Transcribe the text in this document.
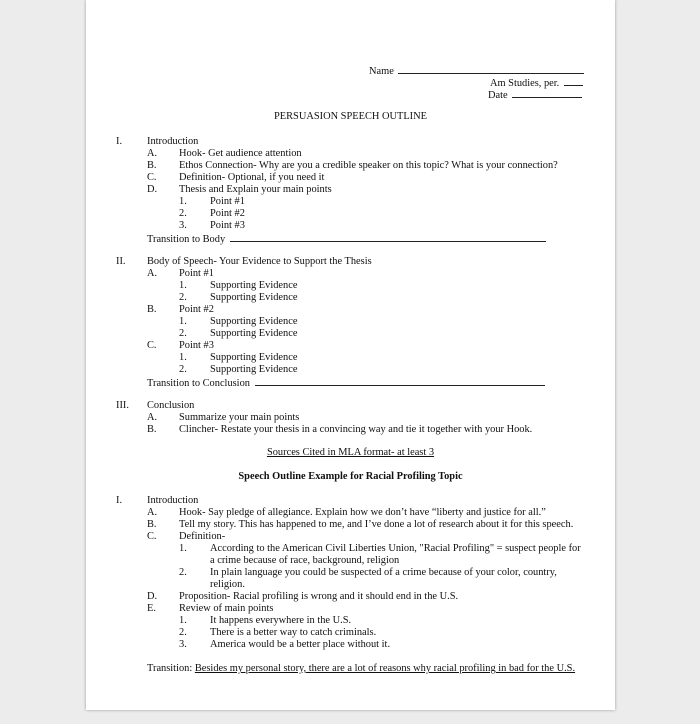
Name
Am Studies, per.
Date
PERSUASION SPEECH OUTLINE
I. Introduction
A. Hook- Get audience attention
B. Ethos Connection- Why are you a credible speaker on this topic? What is your connection?
C. Definition- Optional, if you need it
D. Thesis and Explain your main points
1. Point #1
2. Point #2
3. Point #3
Transition to Body
II. Body of Speech- Your Evidence to Support the Thesis
A. Point #1
1. Supporting Evidence
2. Supporting Evidence
B. Point #2
1. Supporting Evidence
2. Supporting Evidence
C. Point #3
1. Supporting Evidence
2. Supporting Evidence
Transition to Conclusion
III. Conclusion
A. Summarize your main points
B. Clincher- Restate your thesis in a convincing way and tie it together with your Hook.
Sources Cited in MLA format- at least 3
Speech Outline Example for Racial Profiling Topic
I. Introduction
A. Hook- Say pledge of allegiance. Explain how we don’t have “liberty and justice for all.”
B. Tell my story. This has happened to me, and I’ve done a lot of research about it for this speech.
C. Definition-
1. According to the American Civil Liberties Union, "Racial Profiling" = suspect people for
a crime because of race, background, religion
2. In plain language you could be suspected of a crime because of your color, country,
religion.
D. Proposition- Racial profiling is wrong and it should end in the U.S.
E. Review of main points
1. It happens everywhere in the U.S.
2. There is a better way to catch criminals.
3. America would be a better place without it.
Transition: Besides my personal story, there are a lot of reasons why racial profiling in bad for the U.S.
